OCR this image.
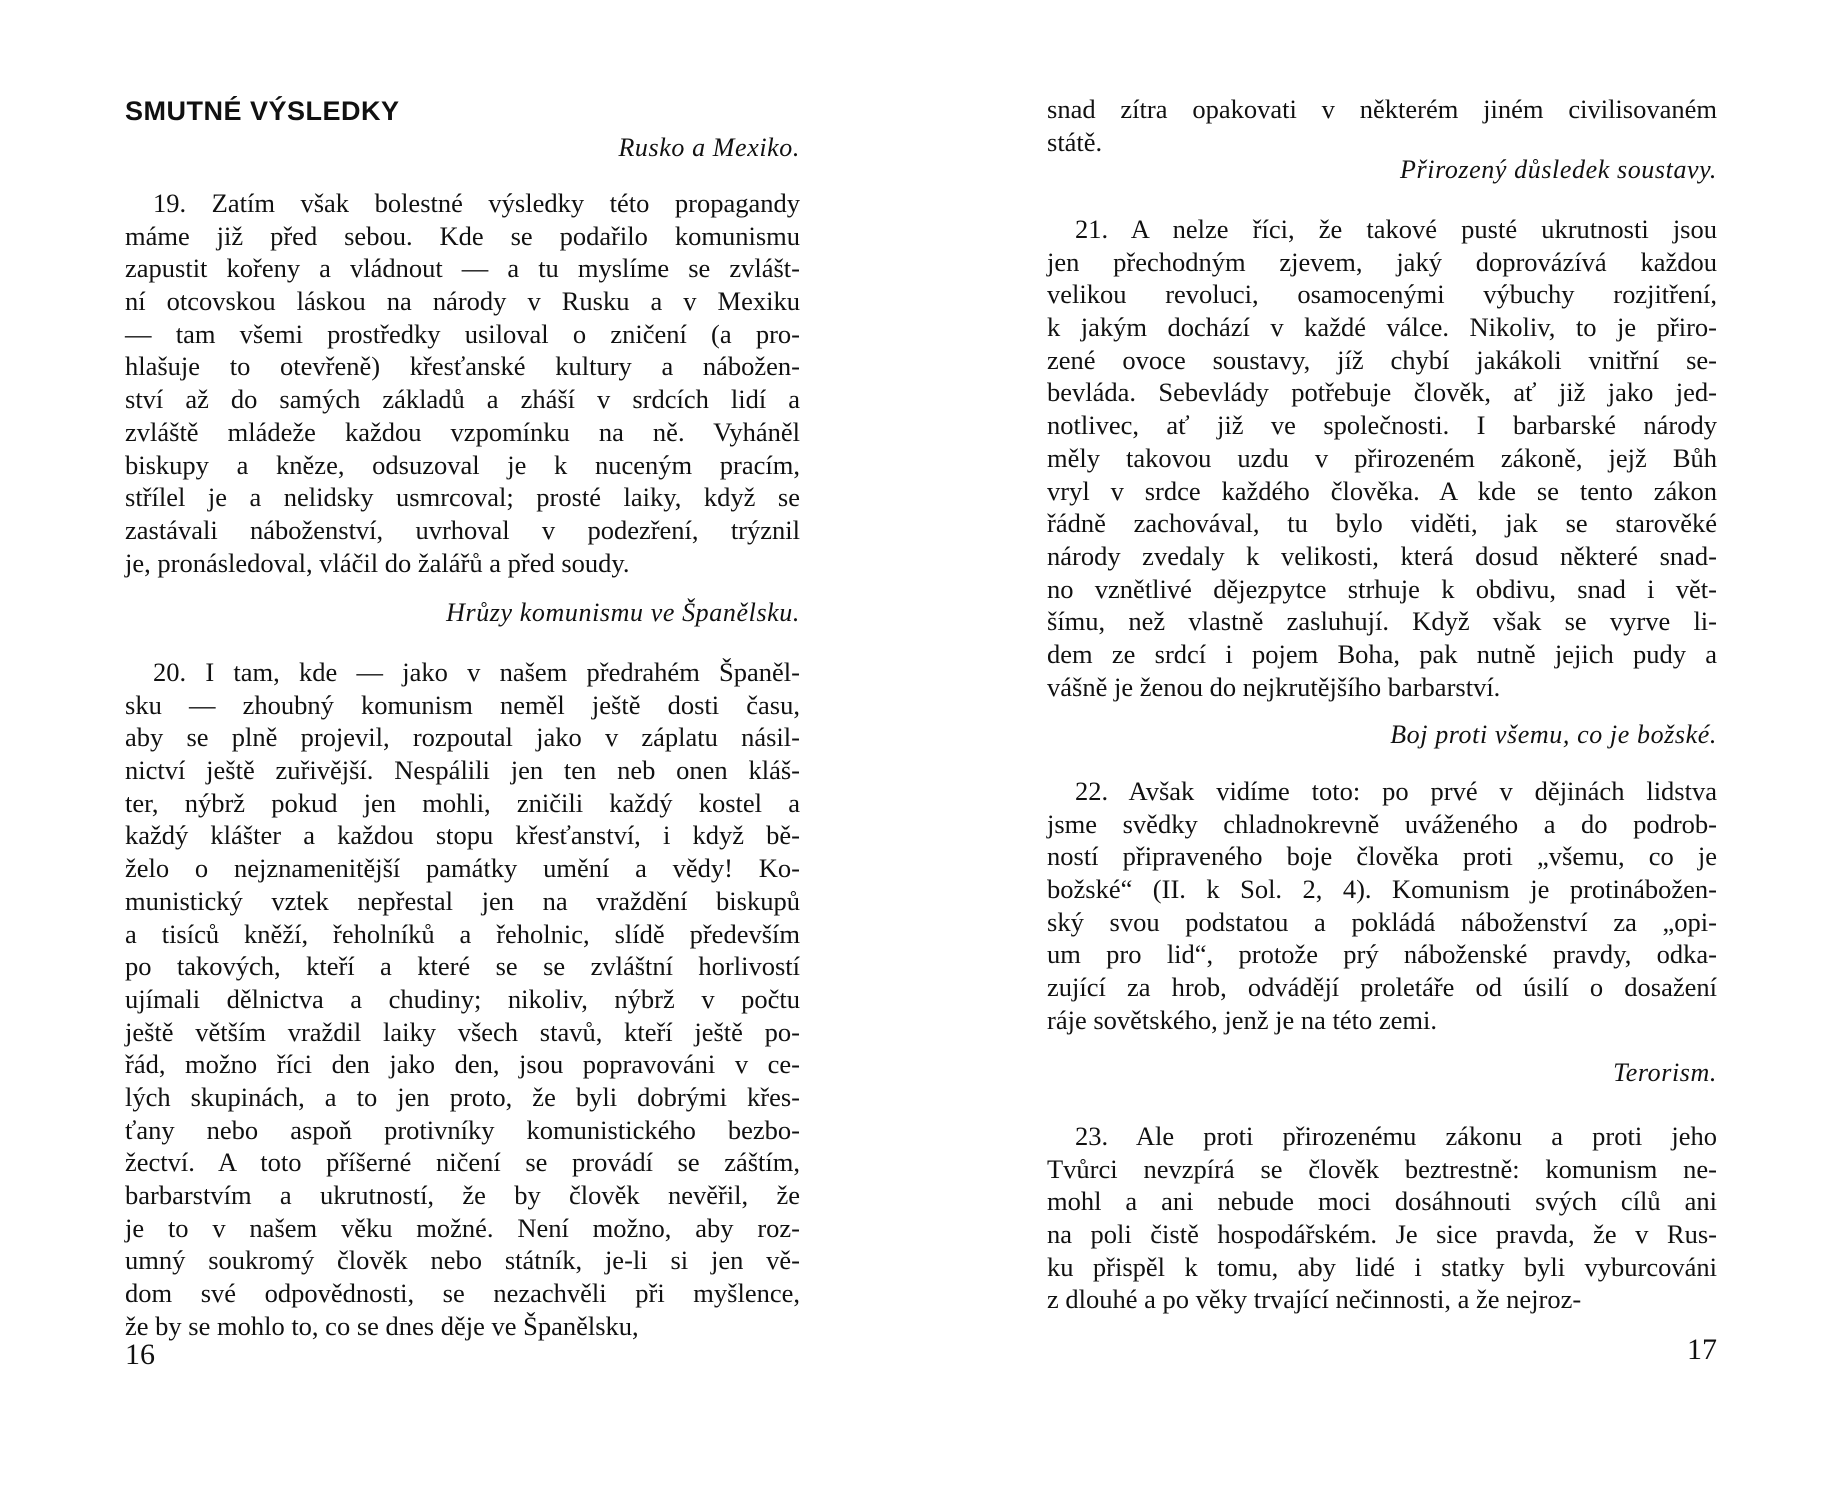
SMUTNÉ VÝSLEDKY

Rusko a Mexiko.

19. Zatím však bolestné výsledky této propagandy
máme již před sebou. Kde se podařilo komunismu
zapustit kořeny a vládnout — a tu myslíme se zvlášt-
ní otcovskou láskou na národy v Rusku a v Mexiku
— tam všemi prostředky usiloval o zničení (a pro-
hlašuje to otevřeně) křesťanské kultury a nábožen-
ství až do samých základů a zháší v srdcích lidí a
zvláště mládeže každou vzpomínku na ně. Vyháněl
biskupy a kněze, odsuzoval je k nuceným pracím,
střílel je a nelidsky usmrcoval; prosté laiky, když se
zastávali náboženství, uvrhoval v podezření, trýznil
je, pronásledoval, vláčil do žalářů a před soudy.

Hrůzy komunismu ve Španělsku.

20. I tam, kde — jako v našem předrahém Španěl-
sku — zhoubný komunism neměl ještě dosti času,
aby se plně projevil, rozpoutal jako v záplatu násil-
nictví ještě zuřivější. Nespálili jen ten neb onen kláš-
ter, nýbrž pokud jen mohli, zničili každý kostel a
každý klášter a každou stopu křesťanství, i když bě-
želo o nejznamenitější památky umění a vědy! Ko-
munistický vztek nepřestal jen na vraždění biskupů
a tisíců kněží, řeholníků a řeholnic, slídě především
po takových, kteří a které se se zvláštní horlivostí
ujímali dělnictva a chudiny; nikoliv, nýbrž v počtu
ještě větším vraždil laiky všech stavů, kteří ještě po-
řád, možno říci den jako den, jsou popravováni v ce-
lých skupinách, a to jen proto, že byli dobrými křes-
ťany nebo aspoň protivníky komunistického bezbo-
žectví. A toto příšerné ničení se provádí se záštím,
barbarstvím a ukrutností, že by člověk nevěřil, že
je to v našem věku možné. Není možno, aby roz-
umný soukromý člověk nebo státník, je-li si jen vě-
dom své odpovědnosti, se nezachvěli při myšlence,
že by se mohlo to, co se dnes děje ve Španělsku,

16

snad zítra opakovati v některém jiném civilisovaném
státě.

Přirozený důsledek soustavy.

21. A nelze říci, že takové pusté ukrutnosti jsou
jen přechodným zjevem, jaký doprovázívá každou
velikou revoluci, osamocenými výbuchy rozjitření,
k jakým dochází v každé válce. Nikoliv, to je přiro-
zené ovoce soustavy, jíž chybí jakákoli vnitřní se-
bevláda. Sebevlády potřebuje člověk, ať již jako jed-
notlivec, ať již ve společnosti. I barbarské národy
měly takovou uzdu v přirozeném zákoně, jejž Bůh
vryl v srdce každého člověka. A kde se tento zákon
řádně zachovával, tu bylo viděti, jak se starověké
národy zvedaly k velikosti, která dosud některé snad-
no vznětlivé dějezpytce strhuje k obdivu, snad i vět-
šímu, než vlastně zasluhují. Když však se vyrve li-
dem ze srdcí i pojem Boha, pak nutně jejich pudy a
vášně je ženou do nejkrutějšího barbarství.

Boj proti všemu, co je božské.

22. Avšak vidíme toto: po prvé v dějinách lidstva
jsme svědky chladnokrevně uváženého a do podrob-
ností připraveného boje člověka proti „všemu, co je
božské“ (II. k Sol. 2, 4). Komunism je protinábožen-
ský svou podstatou a pokládá náboženství za „opi-
um pro lid“, protože prý náboženské pravdy, odka-
zující za hrob, odvádějí proletáře od úsilí o dosažení
ráje sovětského, jenž je na této zemi.

Terorism.

23. Ale proti přirozenému zákonu a proti jeho
Tvůrci nevzpírá se člověk beztrestně: komunism ne-
mohl a ani nebude moci dosáhnouti svých cílů ani
na poli čistě hospodářském. Je sice pravda, že v Rus-
ku přispěl k tomu, aby lidé i statky byli vyburcováni
z dlouhé a po věky trvající nečinnosti, a že nejroz-

17
